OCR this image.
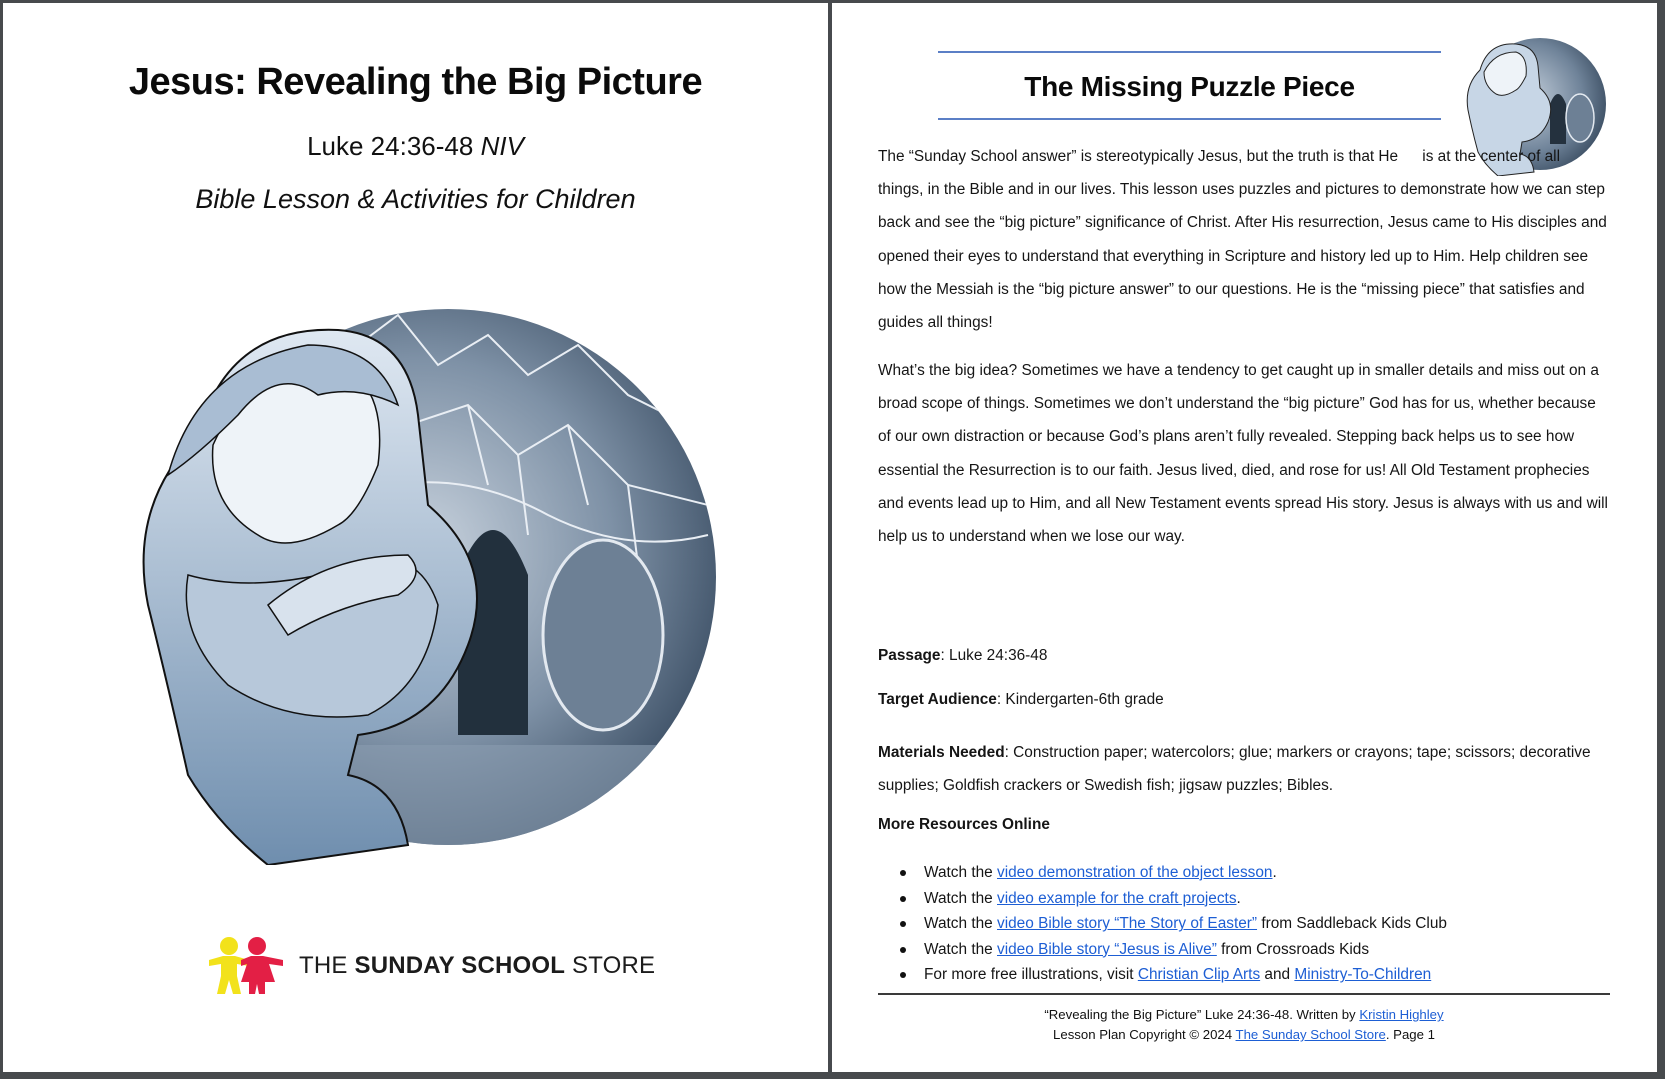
Jesus: Revealing the Big Picture
Luke 24:36-48 NIV
Bible Lesson & Activities for Children
THE SUNDAY SCHOOL STORE
The Missing Puzzle Piece
The “Sunday School answer” is stereotypically Jesus, but the truth is that He is at the center of all things, in the Bible and in our lives. This lesson uses puzzles and pictures to demonstrate how we can step back and see the “big picture” significance of Christ. After His resurrection, Jesus came to His disciples and opened their eyes to understand that everything in Scripture and history led up to Him. Help children see how the Messiah is the “big picture answer” to our questions. He is the “missing piece” that satisfies and guides all things!
What’s the big idea? Sometimes we have a tendency to get caught up in smaller details and miss out on a broad scope of things. Sometimes we don’t understand the “big picture” God has for us, whether because of our own distraction or because God’s plans aren’t fully revealed. Stepping back helps us to see how essential the Resurrection is to our faith. Jesus lived, died, and rose for us! All Old Testament prophecies and events lead up to Him, and all New Testament events spread His story. Jesus is always with us and will help us to understand when we lose our way.
Passage: Luke 24:36-48
Target Audience: Kindergarten-6th grade
Materials Needed: Construction paper; watercolors; glue; markers or crayons; tape; scissors; decorative supplies; Goldfish crackers or Swedish fish; jigsaw puzzles; Bibles.
More Resources Online
Watch the video demonstration of the object lesson.
Watch the video example for the craft projects.
Watch the video Bible story “The Story of Easter” from Saddleback Kids Club
Watch the video Bible story “Jesus is Alive” from Crossroads Kids
For more free illustrations, visit Christian Clip Arts and Ministry-To-Children
“Revealing the Big Picture” Luke 24:36-48. Written by Kristin Highley
Lesson Plan Copyright © 2024 The Sunday School Store. Page 1
